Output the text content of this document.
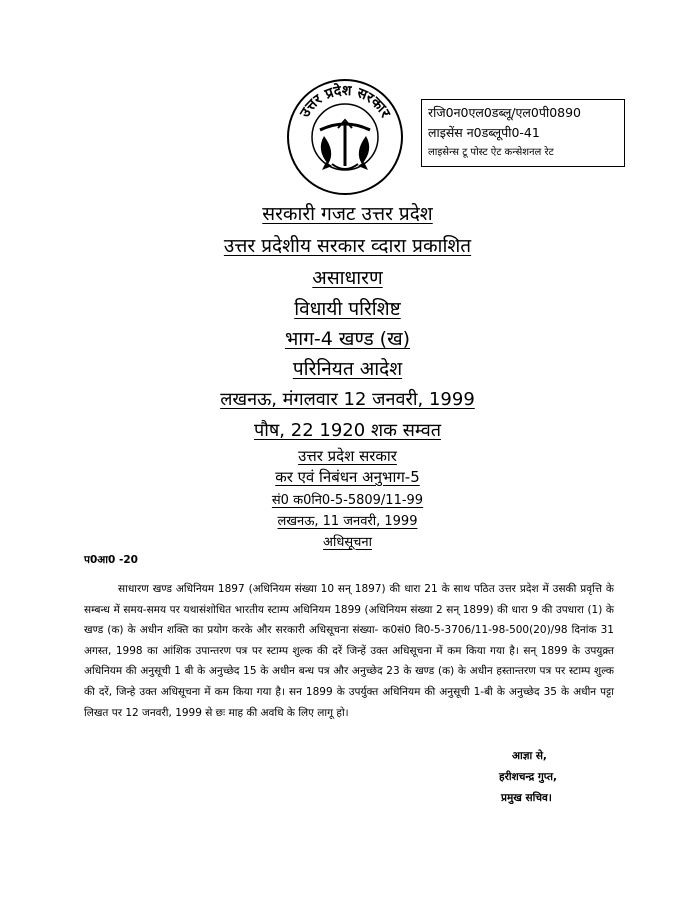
उत्तर प्रदेश सरकार	रजि0न0एल0डब्लू/एल0पी0890
लाइसेंस न0डब्लूपी0-41
लाइसेन्स टू पोस्ट ऐट कन्सेशनल रेट
सरकारी गजट उत्तर प्रदेश
उत्तर प्रदेशीय सरकार व्दारा प्रकाशित
असाधारण
विधायी परिशिष्ट
भाग-4 खण्ड (ख)
परिनियत आदेश
लखनऊ, मंगलवार 12 जनवरी, 1999
पौष, 22 1920 शक सम्वत
उत्तर प्रदेश सरकार
कर एवं निबंधन अनुभाग-5
सं0 क0नि0-5-5809/11-99
लखनऊ, 11 जनवरी, 1999
अधिसूचना
प0आ0 -20
साधारण खण्ड अधिनियम 1897 (अधिनियम संख्या 10 सन् 1897) की धारा 21 के साथ पठित उत्तर प्रदेश में उसकी प्रवृत्ति के सम्बन्ध में समय-समय पर यथासंशोधित भारतीय स्टाम्प अधिनियम 1899 (अधिनियम संख्या 2 सन् 1899) की धारा 9 की उपधारा (1) के खण्ड (क) के अधीन शक्ति का प्रयोग करके और सरकारी अधिसूचना संख्या- क0सं0 वि0-5-3706/11-98-500(20)/98 दिनांक 31 अगस्त, 1998 का आंशिक उपान्तरण पत्र पर स्टाम्प शुल्क की दरें जिन्हें उक्त अधिसूचना में कम किया गया है। सन् 1899 के उपयुक्र्त अधिनियम की अनुसूची 1 बी के अनुच्छेद 15 के अधीन बन्ध पत्र और अनुच्छेद 23 के खण्ड (क) के अधीन हस्तान्तरण पत्र पर स्टाम्प शुल्क की दरें, जिन्हे उक्त अधिसूचना में कम किया गया है। सन 1899 के उपर्युक्त अधिनियम की अनुसूची 1-बी के अनुच्छेद 35 के अधीन पट्टा लिखत पर 12 जनवरी, 1999 से छः माह की अवधि के लिए लागू हो।
आज्ञा से,
हरीशचन्द्र गुप्त,
प्रमुख सचिव।
